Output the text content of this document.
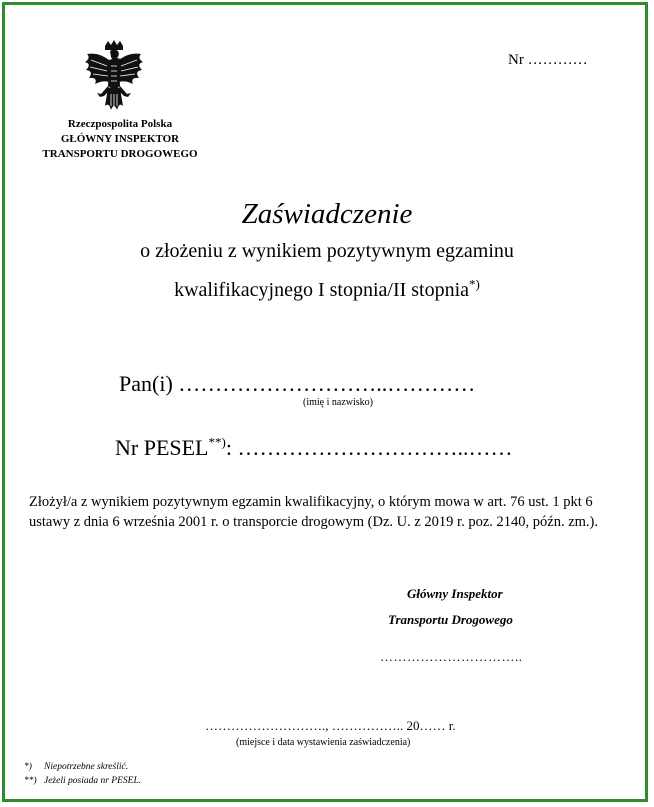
Rzeczpospolita Polska
GŁÓWNY INSPEKTOR
TRANSPORTU DROGOWEGO
Nr …………
Zaświadczenie
o złożeniu z wynikiem pozytywnym egzaminu
kwalifikacyjnego I stopnia/II stopnia*)
Pan(i) ………………………..…………
(imię i nazwisko)
Nr PESEL**): …………………………..……
Złożył/a z wynikiem pozytywnym egzamin kwalifikacyjny, o którym mowa w art. 76 ust. 1 pkt 6 ustawy z dnia 6 września 2001 r. o transporcie drogowym (Dz. U. z 2019 r. poz. 2140, późn. zm.).
Główny Inspektor
Transportu Drogowego
…………………………..
………………………., …………….. 20…… r.
(miejsce i data wystawienia zaświadczenia)
*) Niepotrzebne skreślić.
**) Jeżeli posiada nr PESEL.
